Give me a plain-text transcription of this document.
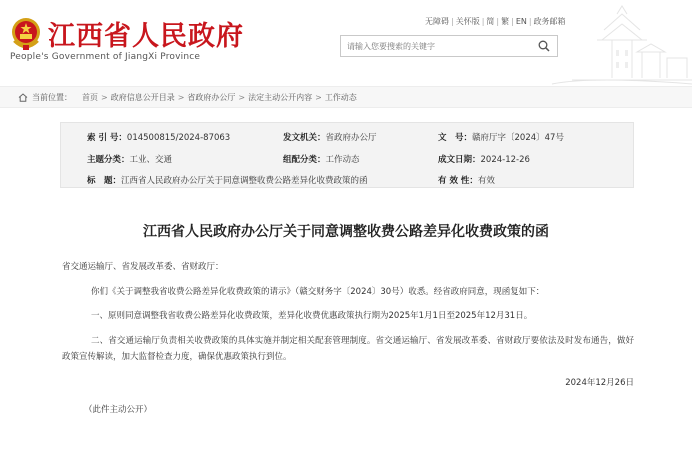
江西省人民政府
People's Government of JiangXi Province
无障碍 | 关怀版 | 简 | 繁 | EN | 政务邮箱
请输入您要搜索的关键字
当前位置： 首页 > 政府信息公开目录 > 省政府办公厅 > 法定主动公开内容 > 工作动态
索 引 号：014500815/2024-87063	发文机关：省政府办公厅	文　号：赣府厅字〔2024〕47号
主题分类：工业、交通	组配分类：工作动态	成文日期：2024-12-26
标　题：江西省人民政府办公厅关于同意调整收费公路差异化收费政策的函	有 效 性：有效
江西省人民政府办公厅关于同意调整收费公路差异化收费政策的函
省交通运输厅、省发展改革委、省财政厅：
你们《关于调整我省收费公路差异化收费政策的请示》（赣交财务字〔2024〕30号）收悉。经省政府同意，现函复如下：
一、原则同意调整我省收费公路差异化收费政策，差异化收费优惠政策执行期为2025年1月1日至2025年12月31日。
二、省交通运输厅负责相关收费政策的具体实施并制定相关配套管理制度。省交通运输厅、省发展改革委、省财政厅要依法及时发布通告，做好政策宣传解读，加大监督检查力度，确保优惠政策执行到位。
2024年12月26日
（此件主动公开）
